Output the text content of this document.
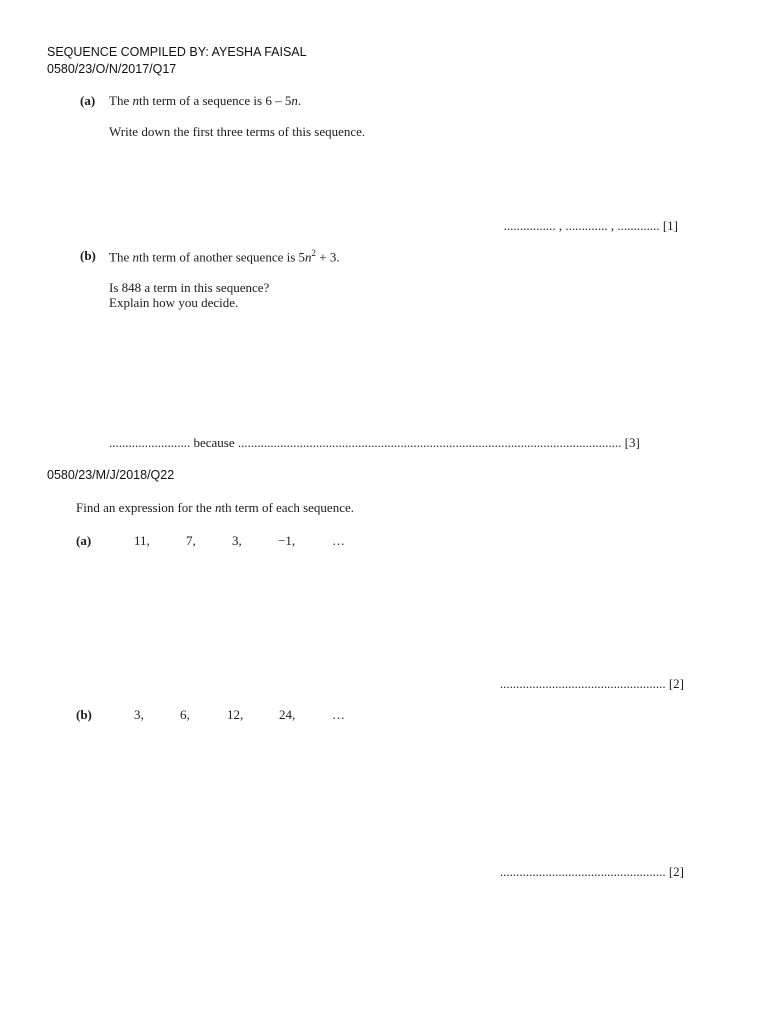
SEQUENCE COMPILED BY: AYESHA FAISAL
0580/23/O/N/2017/Q17
(a) The nth term of a sequence is 6 – 5n.
Write down the first three terms of this sequence.
................ , ............. , ............. [1]
(b) The nth term of another sequence is $5n^2 + 3$.
Is 848 a term in this sequence?
Explain how you decide.
......................... because ...................................................................................................................... [3]
0580/23/M/J/2018/Q22
Find an expression for the nth term of each sequence.
(a)	11,	7,	3,	−1,	…
................................................... [2]
(b)	3,	6,	12,	24,	…
................................................... [2]
